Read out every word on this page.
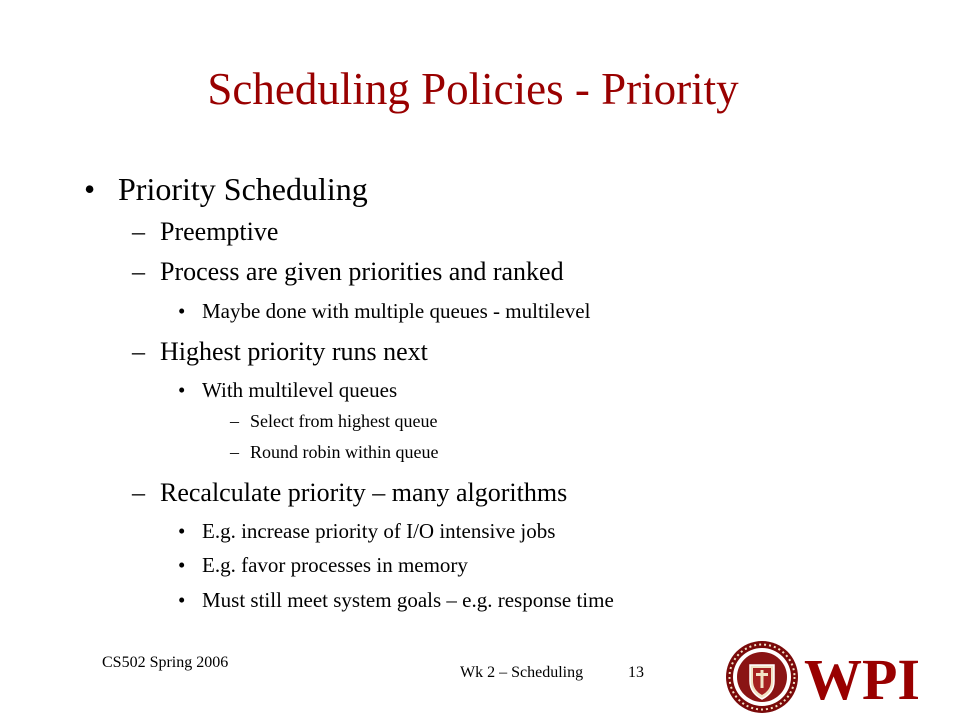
Scheduling Policies - Priority
• Priority Scheduling
– Preemptive
– Process are given priorities and ranked
• Maybe done with multiple queues - multilevel
– Highest priority runs next
• With multilevel queues
– Select from highest queue
– Round robin within queue
– Recalculate priority – many algorithms
• E.g. increase priority of I/O intensive jobs
• E.g. favor processes in memory
• Must still meet system goals – e.g. response time
CS502 Spring 2006
Wk 2 – Scheduling	13	WPI
